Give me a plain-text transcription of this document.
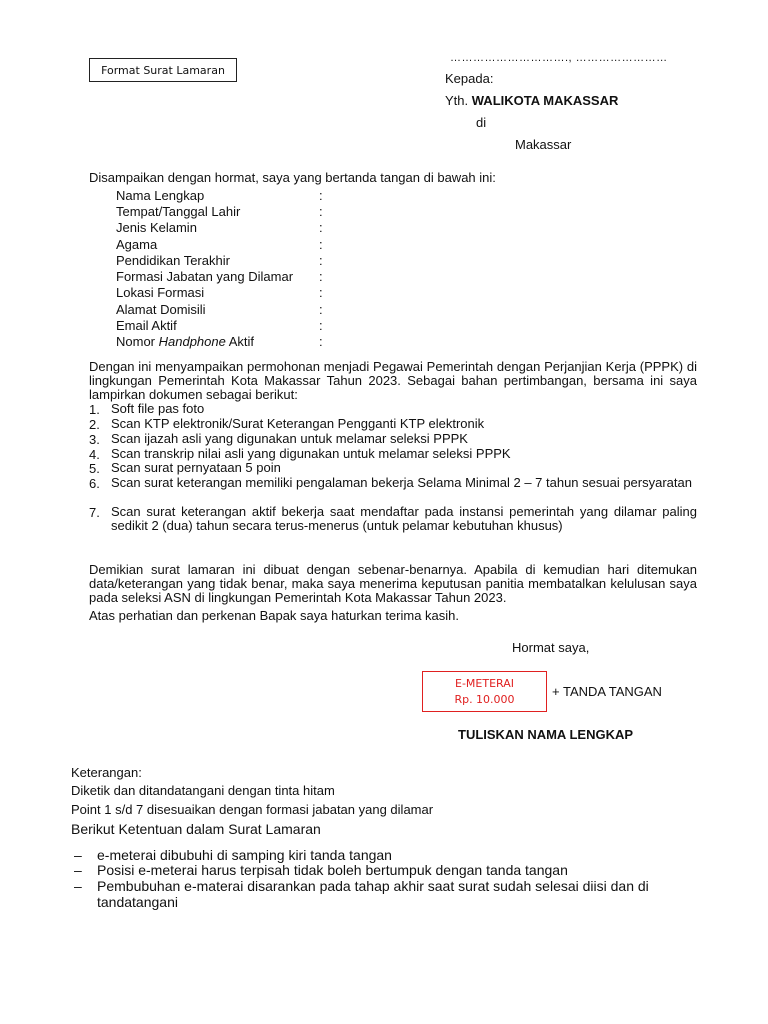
Format Surat Lamaran
…………………………., ……………………
Kepada:
Yth. WALIKOTA MAKASSAR
di
Makassar
Disampaikan dengan hormat, saya yang bertanda tangan di bawah ini:
Nama Lengkap	:
Tempat/Tanggal Lahir	:
Jenis Kelamin	:
Agama	:
Pendidikan Terakhir	:
Formasi Jabatan yang Dilamar :
Lokasi Formasi	:
Alamat Domisili	:
Email Aktif	:
Nomor Handphone Aktif	:
Dengan ini menyampaikan permohonan menjadi Pegawai Pemerintah dengan Perjanjian Kerja (PPPK) di lingkungan Pemerintah Kota Makassar Tahun 2023. Sebagai bahan pertimbangan, bersama ini saya lampirkan dokumen sebagai berikut:
1. Soft file pas foto
2. Scan KTP elektronik/Surat Keterangan Pengganti KTP elektronik
3. Scan ijazah asli yang digunakan untuk melamar seleksi PPPK
4. Scan transkrip nilai asli yang digunakan untuk melamar seleksi PPPK
5. Scan surat pernyataan 5 poin
6. Scan surat keterangan memiliki pengalaman bekerja Selama Minimal 2 – 7 tahun sesuai persyaratan
7. Scan surat keterangan aktif bekerja saat mendaftar pada instansi pemerintah yang dilamar paling sedikit 2 (dua) tahun secara terus-menerus (untuk pelamar kebutuhan khusus)
Demikian surat lamaran ini dibuat dengan sebenar-benarnya. Apabila di kemudian hari ditemukan data/keterangan yang tidak benar, maka saya menerima keputusan panitia membatalkan kelulusan saya pada seleksi ASN di lingkungan Pemerintah Kota Makassar Tahun 2023.
Atas perhatian dan perkenan Bapak saya haturkan terima kasih.
Hormat saya,
E-METERAI
Rp. 10.000	+ TANDA TANGAN
TULISKAN NAMA LENGKAP
Keterangan:
Diketik dan ditandatangani dengan tinta hitam
Point 1 s/d 7 disesuaikan dengan formasi jabatan yang dilamar
Berikut Ketentuan dalam Surat Lamaran
– e-meterai dibubuhi di samping kiri tanda tangan
– Posisi e-meterai harus terpisah tidak boleh bertumpuk dengan tanda tangan
– Pembubuhan e-materai disarankan pada tahap akhir saat surat sudah selesai diisi dan di tandatangani
